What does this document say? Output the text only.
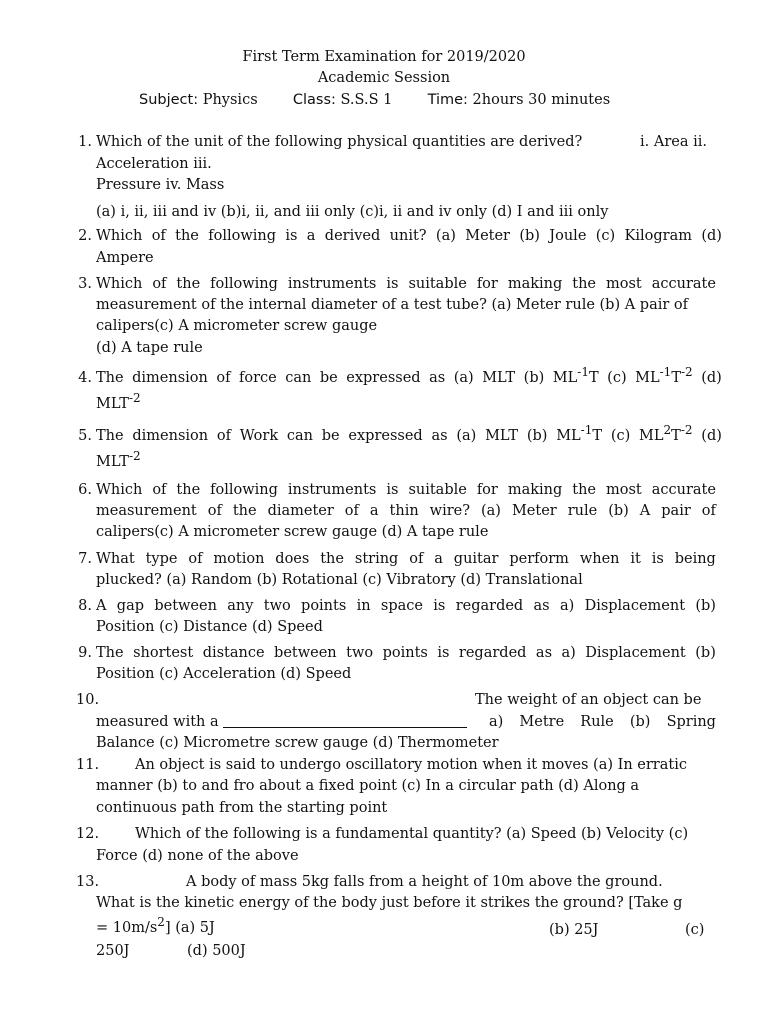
First Term Examination for 2019/2020
Academic Session
Subject: Physics Class: S.S.S 1 Time: 2hours 30 minutes
1. Which of the unit of the following physical quantities are derived?	i. Area ii.
Acceleration iii.
Pressure iv. Mass
(a) i, ii, iii and iv (b)i, ii, and iii only (c)i, ii and iv only (d) I and iii only
2. Which of the following is a derived unit? (a) Meter (b) Joule (c) Kilogram (d)
Ampere
3. Which of the following instruments is suitable for making the most accurate
measurement of the internal diameter of a test tube? (a) Meter rule (b) A pair of
calipers(c) A micrometer screw gauge
(d) A tape rule
4. The dimension of force can be expressed as (a) MLT (b) $ML^{-1}T$ (c) $ML^{-1}T^{-2}$ (d)
$MLT^{-2}$
5. The dimension of Work can be expressed as (a) MLT (b) $ML^{-1}T$ (c) $ML^2T^{-2}$ (d)
$MLT^{-2}$
6. Which of the following instruments is suitable for making the most accurate
measurement of the diameter of a thin wire? (a) Meter rule (b) A pair of
calipers(c) A micrometer screw gauge (d) A tape rule
7. What type of motion does the string of a guitar perform when it is being
plucked? (a) Random (b) Rotational (c) Vibratory (d) Translational
8. A gap between any two points in space is regarded as a) Displacement (b)
Position (c) Distance (d) Speed
9. The shortest distance between two points is regarded as a) Displacement (b)
Position (c) Acceleration (d) Speed
10.	The weight of an object can be
measured with a	a) Metre Rule (b) Spring
Balance (c) Micrometre screw gauge (d) Thermometer
11. An object is said to undergo oscillatory motion when it moves (a) In erratic
manner (b) to and fro about a fixed point (c) In a circular path (d) Along a
continuous path from the starting point
12. Which of the following is a fundamental quantity? (a) Speed (b) Velocity (c)
Force (d) none of the above
13.	A body of mass 5kg falls from a height of 10m above the ground.
What is the kinetic energy of the body just before it strikes the ground? [Take g
= $10m/s^2$] (a) 5J	(b) 25J	(c)
250J	(d) 500J
